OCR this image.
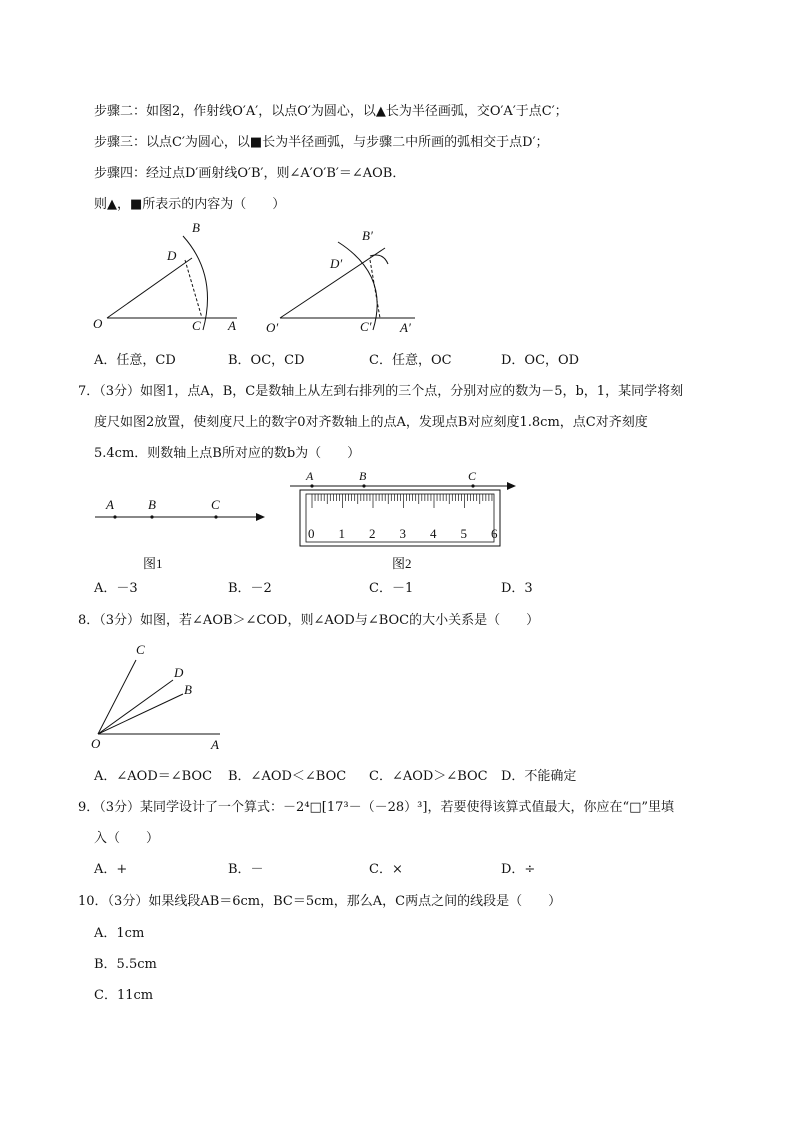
步骤二：如图2，作射线O′A′，以点O′为圆心，以▲长为半径画弧，交O′A′于点C′；
步骤三：以点C′为圆心，以■长为半径画弧，与步骤二中所画的弧相交于点D′；
步骤四：经过点D′画射线O′B′，则∠A′O′B′＝∠AOB．
则▲，■所表示的内容为（　　）
O	A
B
C
D
O′	A′
B′
C′
D′
A．任意，CD	B．OC，CD	C．任意，OC	D．OC，OD
7．（3分）如图1，点A，B，C是数轴上从左到右排列的三个点，分别对应的数为－5，b，1，某同学将刻
度尺如图2放置，使刻度尺上的数字0对齐数轴上的点A，发现点B对应刻度1.8cm，点C对齐刻度
5.4cm．则数轴上点B所对应的数b为（　　）
A	B	C
图1
A	B	C
0 1 2 3 4 5 6
图2
A．－3	B．－2	C．－1	D．3
8．（3分）如图，若∠AOB＞∠COD，则∠AOD与∠BOC的大小关系是（　　）
O	A
B
C
D
A．∠AOD＝∠BOC B．∠AOD＜∠BOC C．∠AOD＞∠BOC D．不能确定
9．（3分）某同学设计了一个算式：－2⁴□[17³－（－28）³]，若要使得该算式值最大，你应在“□”里填
入（　　）
A．+	B．－	C．×	D．÷
10．（3分）如果线段AB＝6cm，BC＝5cm，那么A，C两点之间的线段是（　　）
A．1cm
B．5.5cm
C．11cm
